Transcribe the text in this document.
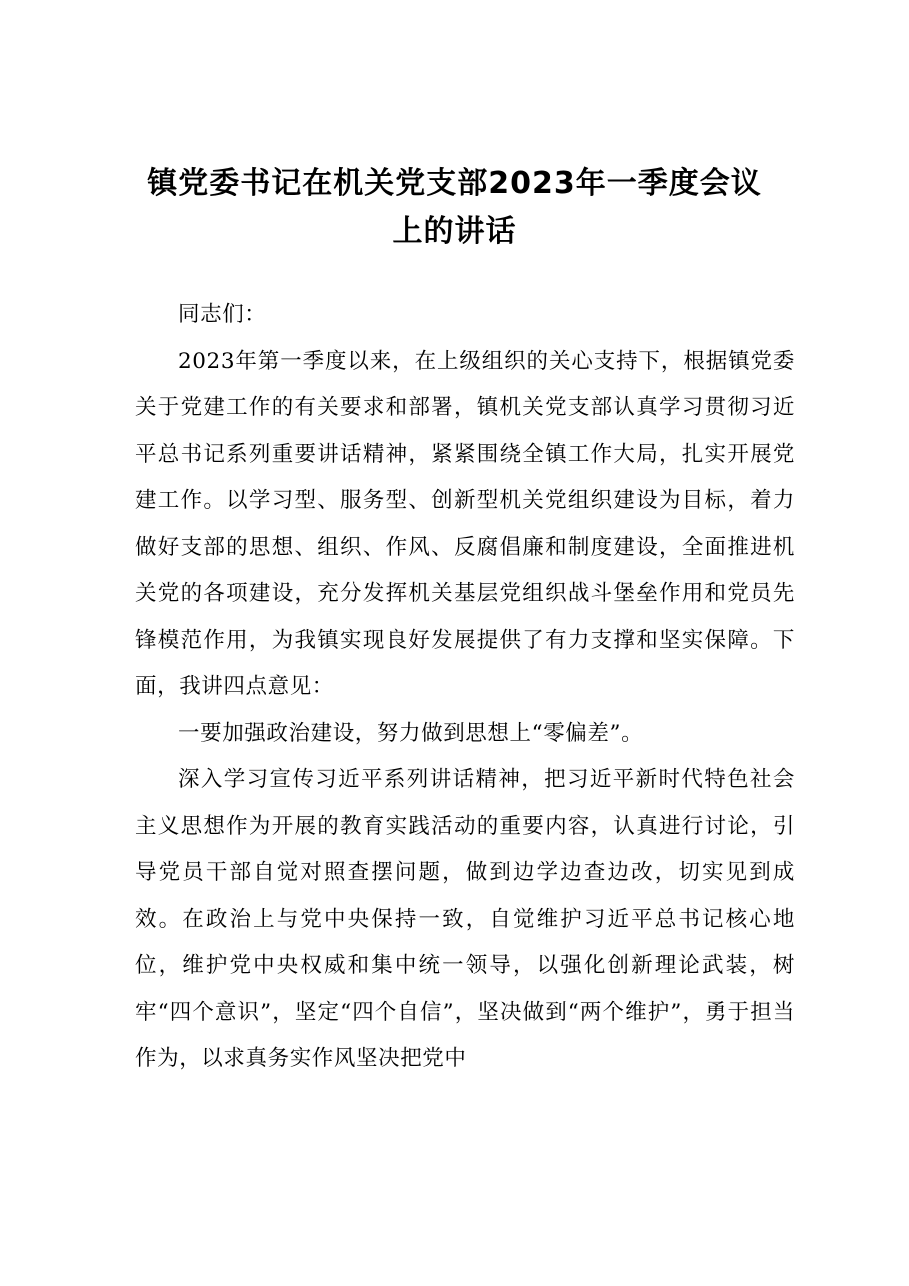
镇党委书记在机关党支部2023年一季度会议
上的讲话

同志们：

2023年第一季度以来，在上级组织的关心支持下，根据镇党委关于党建工作的有关要求和部署，镇机关党支部认真学习贯彻习近平总书记系列重要讲话精神，紧紧围绕全镇工作大局，扎实开展党建工作。以学习型、服务型、创新型机关党组织建设为目标，着力做好支部的思想、组织、作风、反腐倡廉和制度建设，全面推进机关党的各项建设，充分发挥机关基层党组织战斗堡垒作用和党员先锋模范作用，为我镇实现良好发展提供了有力支撑和坚实保障。下面，我讲四点意见：

一要加强政治建设，努力做到思想上“零偏差”。

深入学习宣传习近平系列讲话精神，把习近平新时代特色社会主义思想作为开展的教育实践活动的重要内容，认真进行讨论，引导党员干部自觉对照查摆问题，做到边学边查边改，切实见到成效。在政治上与党中央保持一致，自觉维护习近平总书记核心地位，维护党中央权威和集中统一领导，以强化创新理论武装，树牢“四个意识”，坚定“四个自信”，坚决做到“两个维护”，勇于担当作为，以求真务实作风坚决把党中
